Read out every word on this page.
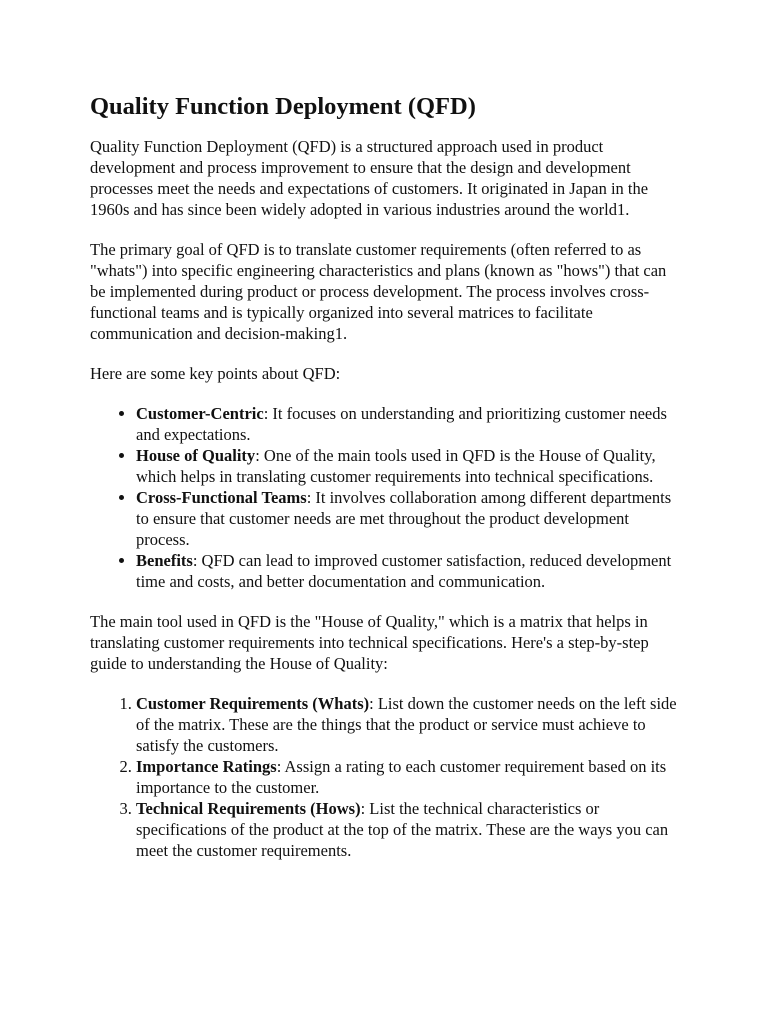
Quality Function Deployment (QFD)

Quality Function Deployment (QFD) is a structured approach used in product development and process improvement to ensure that the design and development processes meet the needs and expectations of customers. It originated in Japan in the 1960s and has since been widely adopted in various industries around the world1.

The primary goal of QFD is to translate customer requirements (often referred to as "whats") into specific engineering characteristics and plans (known as "hows") that can be implemented during product or process development. The process involves cross-functional teams and is typically organized into several matrices to facilitate communication and decision-making1.

Here are some key points about QFD:

• Customer-Centric: It focuses on understanding and prioritizing customer needs and expectations.
• House of Quality: One of the main tools used in QFD is the House of Quality, which helps in translating customer requirements into technical specifications.
• Cross-Functional Teams: It involves collaboration among different departments to ensure that customer needs are met throughout the product development process.
• Benefits: QFD can lead to improved customer satisfaction, reduced development time and costs, and better documentation and communication.

The main tool used in QFD is the "House of Quality," which is a matrix that helps in translating customer requirements into technical specifications. Here's a step-by-step guide to understanding the House of Quality:

1. Customer Requirements (Whats): List down the customer needs on the left side of the matrix. These are the things that the product or service must achieve to satisfy the customers.
2. Importance Ratings: Assign a rating to each customer requirement based on its importance to the customer.
3. Technical Requirements (Hows): List the technical characteristics or specifications of the product at the top of the matrix. These are the ways you can meet the customer requirements.
